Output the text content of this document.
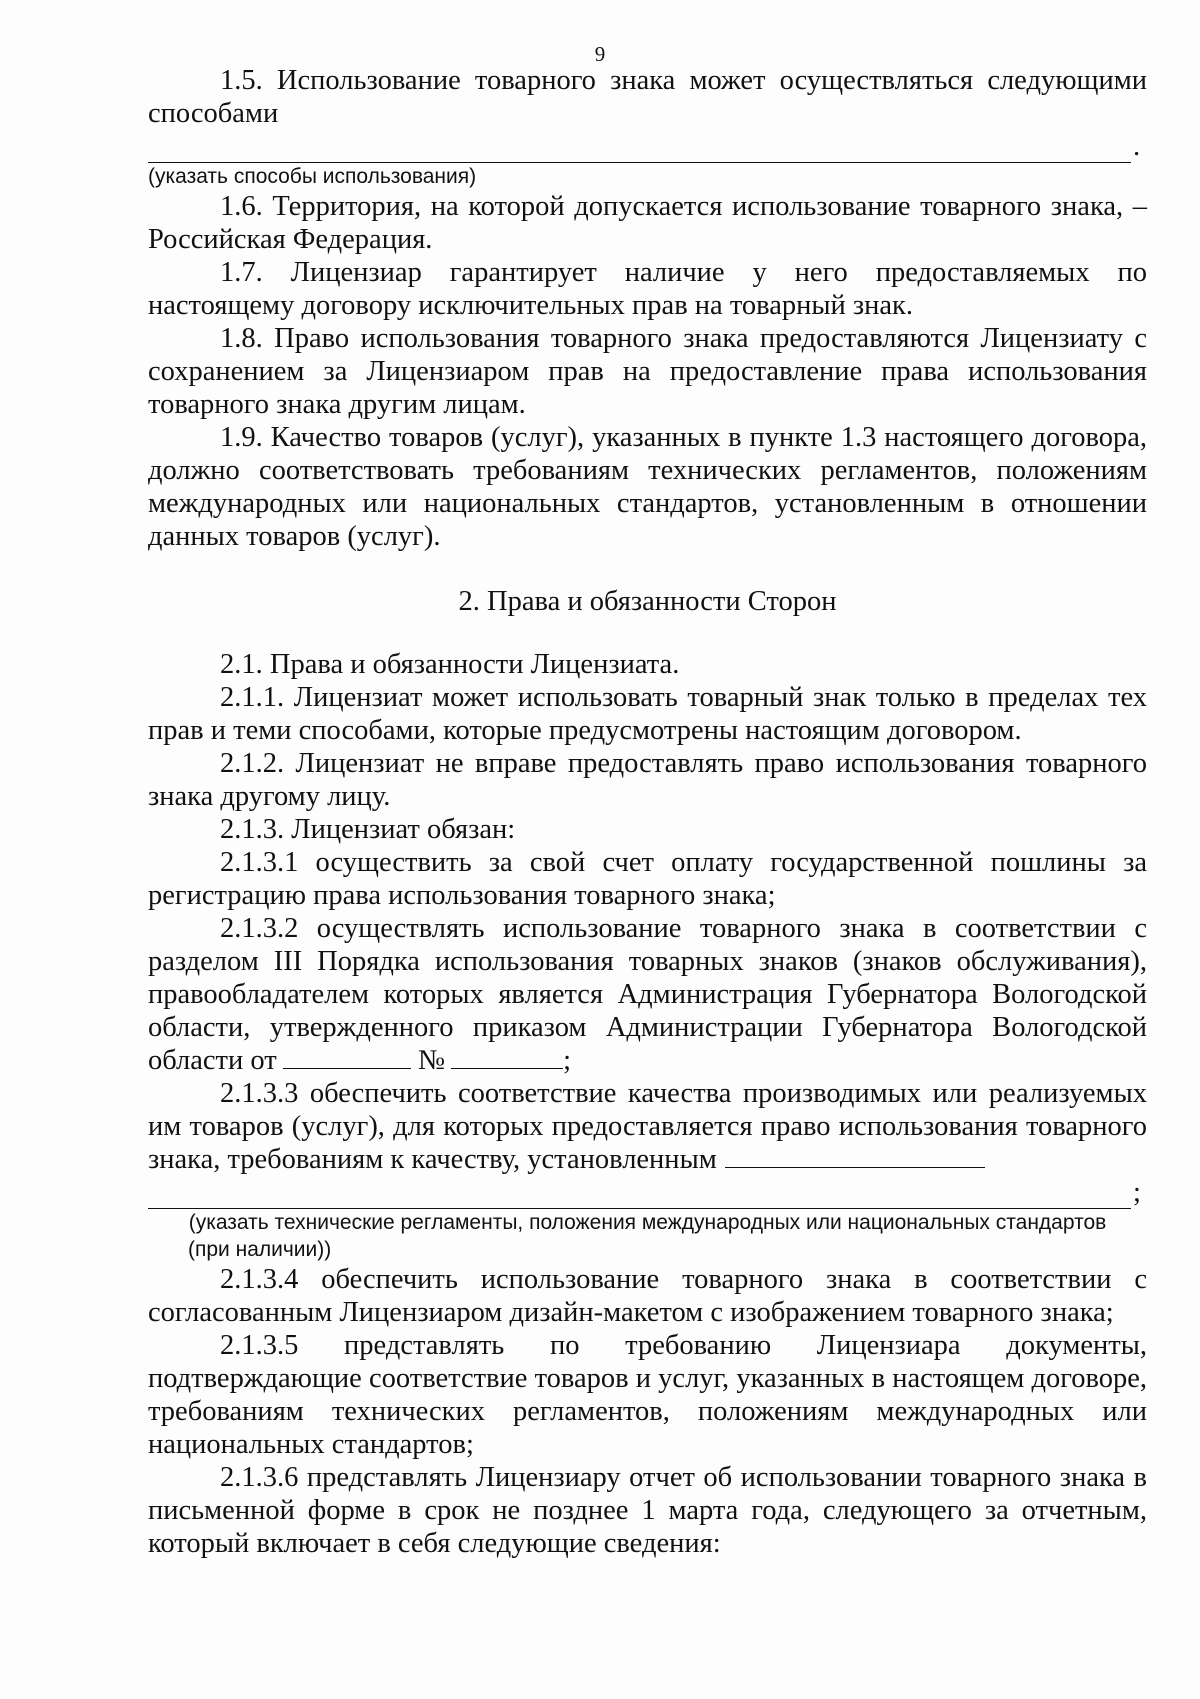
9

1.5. Использование товарного знака может осуществляться следующими способами

.

(указать способы использования)

1.6. Территория, на которой допускается использование товарного знака, – Российская Федерация.

1.7. Лицензиар гарантирует наличие у него предоставляемых по настоящему договору исключительных прав на товарный знак.

1.8. Право использования товарного знака предоставляются Лицензиату с сохранением за Лицензиаром прав на предоставление права использования товарного знака другим лицам.

1.9. Качество товаров (услуг), указанных в пункте 1.3 настоящего договора, должно соответствовать требованиям технических регламентов, положениям международных или национальных стандартов, установленным в отношении данных товаров (услуг).

2. Права и обязанности Сторон

2.1. Права и обязанности Лицензиата.

2.1.1. Лицензиат может использовать товарный знак только в пределах тех прав и теми способами, которые предусмотрены настоящим договором.

2.1.2. Лицензиат не вправе предоставлять право использования товарного знака другому лицу.

2.1.3. Лицензиат обязан:

2.1.3.1 осуществить за свой счет оплату государственной пошлины за регистрацию права использования товарного знака;

2.1.3.2 осуществлять использование товарного знака в соответствии с разделом III Порядка использования товарных знаков (знаков обслуживания), правообладателем которых является Администрация Губернатора Вологодской области, утвержденного приказом Администрации Губернатора Вологодской области от	№	;

2.1.3.3 обеспечить соответствие качества производимых или реализуемых им товаров (услуг), для которых предоставляется право использования товарного знака, требованиям к качеству, установленным

;

(указать технические регламенты, положения международных или национальных стандартов (при наличии))

2.1.3.4 обеспечить использование товарного знака в соответствии с согласованным Лицензиаром дизайн-макетом с изображением товарного знака;

2.1.3.5 представлять по требованию Лицензиара документы, подтверждающие соответствие товаров и услуг, указанных в настоящем договоре, требованиям технических регламентов, положениям международных или национальных стандартов;

2.1.3.6 представлять Лицензиару отчет об использовании товарного знака в письменной форме в срок не позднее 1 марта года, следующего за отчетным, который включает в себя следующие сведения:
